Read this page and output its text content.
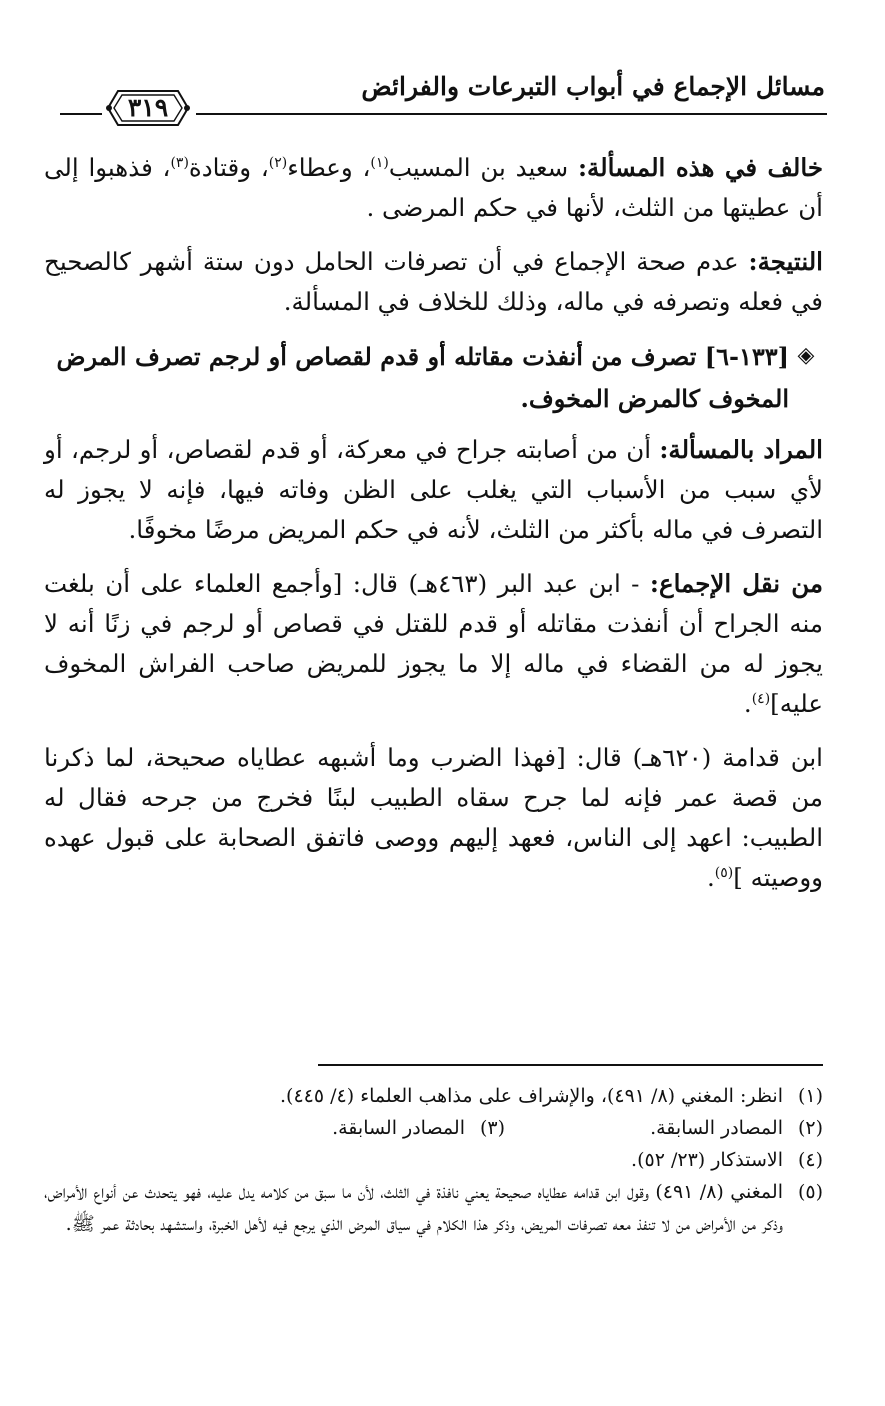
مسائل الإجماع في أبواب التبرعات والفرائض
٣١٩

خالف في هذه المسألة: سعيد بن المسيب$^{(١)}$، وعطاء$^{(٢)}$، وقتادة$^{(٣)}$، فذهبوا إلى أن عطيتها من الثلث، لأنها في حكم المرضى .

النتيجة: عدم صحة الإجماع في أن تصرفات الحامل دون ستة أشهر كالصحيح في فعله وتصرفه في ماله، وذلك للخلاف في المسألة.

◈
[١٣٣-٦] تصرف من أنفذت مقاتله أو قدم لقصاص أو لرجم تصرف المرض المخوف كالمرض المخوف.

المراد بالمسألة: أن من أصابته جراح في معركة، أو قدم لقصاص، أو لرجم، أو لأي سبب من الأسباب التي يغلب على الظن وفاته فيها، فإنه لا يجوز له التصرف في ماله بأكثر من الثلث، لأنه في حكم المريض مرضًا مخوفًا.

من نقل الإجماع: - ابن عبد البر (٤٦٣هـ) قال: [وأجمع العلماء على أن بلغت منه الجراح أن أنفذت مقاتله أو قدم للقتل في قصاص أو لرجم في زنًا أنه لا يجوز له من القضاء في ماله إلا ما يجوز للمريض صاحب الفراش المخوف عليه]$^{(٤)}$.

ابن قدامة (٦٢٠هـ) قال: [فهذا الضرب وما أشبهه عطاياه صحيحة، لما ذكرنا من قصة عمر فإنه لما جرح سقاه الطبيب لبنًا فخرج من جرحه فقال له الطبيب: اعهد إلى الناس، فعهد إليهم ووصى فاتفق الصحابة على قبول عهده ووصيته ]$^{(٥)}$.

(١)
انظر: المغني (٨/ ٤٩١)، والإشراف على مذاهب العلماء (٤/ ٤٤٥).
(٢)
المصادر السابقة.
(٣)
المصادر السابقة.
(٤)
الاستذكار (٢٣/ ٥٢).
(٥)
المغني (٨/ ٤٩١) وقول ابن قدامه عطاياه صحيحة يعني نافذة في الثلث، لأن ما سبق من كلامه يدل عليه، فهو يتحدث عن أنواع الأمراض، وذكر من الأمراض من لا تنفذ معه تصرفات المريض، وذكر هذا الكلام في سياق المرض الذي يرجع فيه لأهل الخبرة، واستشهد بحادثة عمر ﷺ.
